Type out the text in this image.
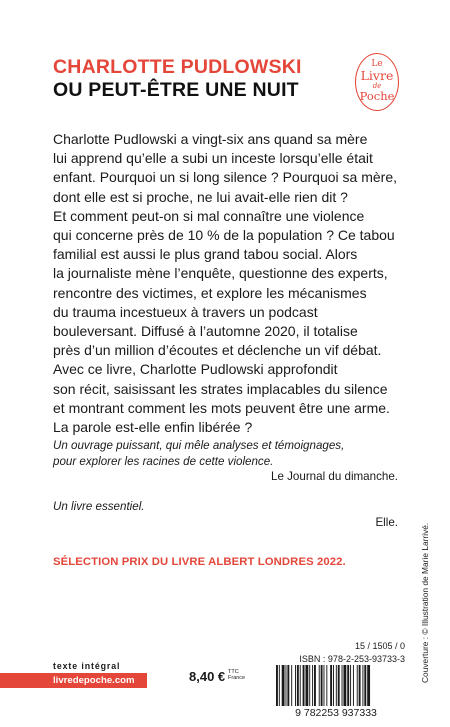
CHARLOTTE PUDLOWSKI
OU PEUT-ÊTRE UNE NUIT
Le
Livre
de
Poche
Charlotte Pudlowski a vingt-six ans quand sa mère
lui apprend qu’elle a subi un inceste lorsqu’elle était
enfant. Pourquoi un si long silence ? Pourquoi sa mère,
dont elle est si proche, ne lui avait-elle rien dit ?
Et comment peut-on si mal connaître une violence
qui concerne près de 10 % de la population ? Ce tabou
familial est aussi le plus grand tabou social. Alors
la journaliste mène l’enquête, questionne des experts,
rencontre des victimes, et explore les mécanismes
du trauma incestueux à travers un podcast
bouleversant. Diffusé à l’automne 2020, il totalise
près d’un million d’écoutes et déclenche un vif débat.
Avec ce livre, Charlotte Pudlowski approfondit
son récit, saisissant les strates implacables du silence
et montrant comment les mots peuvent être une arme.
La parole est-elle enfin libérée ?
Un ouvrage puissant, qui mêle analyses et témoignages,
pour explorer les racines de cette violence.
Le Journal du dimanche.
Un livre essentiel.
Elle.
SÉLECTION PRIX DU LIVRE ALBERT LONDRES 2022.	Couverture : © Illustration de Marie Larrivé.
15 / 1505 / 0
ISBN : 978-2-253-93733-3
9 782253 937333
texte intégral
livredepoche.com	8,40 € TTC
France
